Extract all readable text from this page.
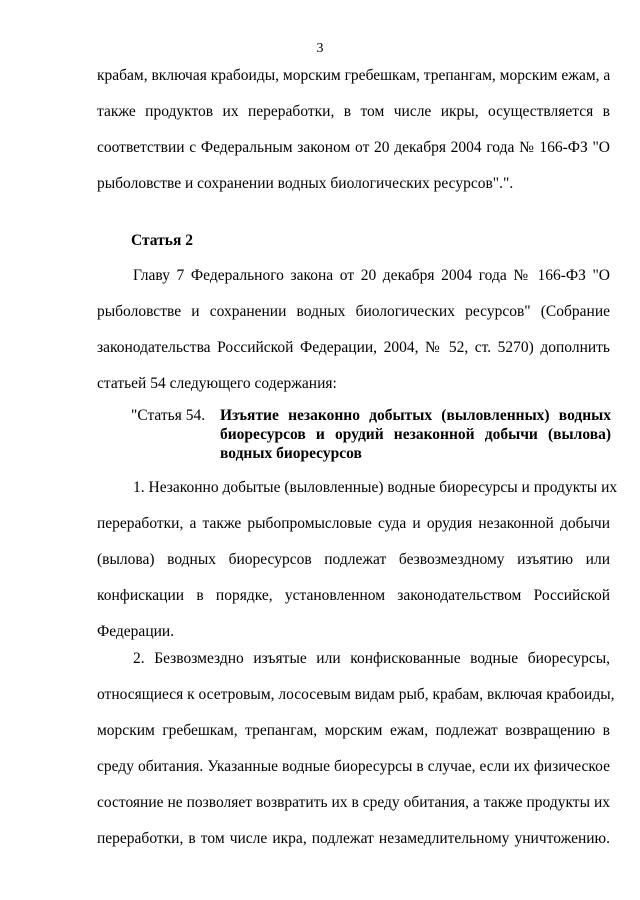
3

крабам, включая крабоиды, морским гребешкам, трепангам, морским ежам, а
также продуктов их переработки, в том числе икры, осуществляется в
соответствии с Федеральным законом от 20 декабря 2004 года № 166-ФЗ "О
рыболовстве и сохранении водных биологических ресурсов".".

Статья 2

Главу 7 Федерального закона от 20 декабря 2004 года № 166-ФЗ "О
рыболовстве и сохранении водных биологических ресурсов" (Собрание
законодательства Российской Федерации, 2004, № 52, ст. 5270) дополнить
статьей 54 следующего содержания:

"Статья 54. Изъятие незаконно добытых (выловленных) водных
биоресурсов и орудий незаконной добычи (вылова)
водных биоресурсов

1. Незаконно добытые (выловленные) водные биоресурсы и продукты их
переработки, а также рыбопромысловые суда и орудия незаконной добычи
(вылова) водных биоресурсов подлежат безвозмездному изъятию или
конфискации в порядке, установленном законодательством Российской
Федерации.

2. Безвозмездно изъятые или конфискованные водные биоресурсы,
относящиеся к осетровым, лососевым видам рыб, крабам, включая крабоиды,
морским гребешкам, трепангам, морским ежам, подлежат возвращению в
среду обитания. Указанные водные биоресурсы в случае, если их физическое
состояние не позволяет возвратить их в среду обитания, а также продукты их
переработки, в том числе икра, подлежат незамедлительному уничтожению.
